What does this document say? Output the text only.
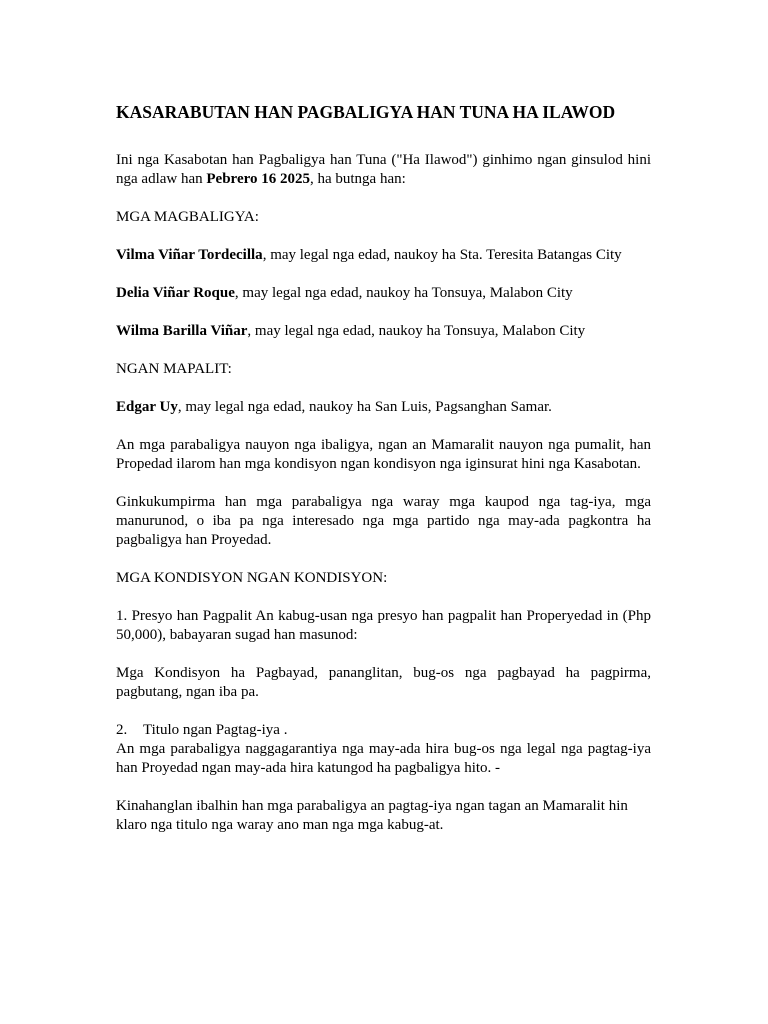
KASARABUTAN HAN PAGBALIGYA HAN TUNA HA ILAWOD

Ini nga Kasabotan han Pagbaligya han Tuna ("Ha Ilawod") ginhimo ngan ginsulod hini nga adlaw han Pebrero 16 2025, ha butnga han:

MGA MAGBALIGYA:

Vilma Viñar Tordecilla, may legal nga edad, naukoy ha Sta. Teresita Batangas City

Delia Viñar Roque, may legal nga edad, naukoy ha Tonsuya, Malabon City

Wilma Barilla Viñar, may legal nga edad, naukoy ha Tonsuya, Malabon City

NGAN MAPALIT:

Edgar Uy, may legal nga edad, naukoy ha San Luis, Pagsanghan Samar.

An mga parabaligya nauyon nga ibaligya, ngan an Mamaralit nauyon nga pumalit, han Propedad ilarom han mga kondisyon ngan kondisyon nga iginsurat hini nga Kasabotan.

Ginkukumpirma han mga parabaligya nga waray mga kaupod nga tag-iya, mga manurunod, o iba pa nga interesado nga mga partido nga may-ada pagkontra ha pagbaligya han Proyedad.

MGA KONDISYON NGAN KONDISYON:

1. Presyo han Pagpalit An kabug-usan nga presyo han pagpalit han Properyedad in (Php 50,000), babayaran sugad han masunod:

Mga Kondisyon ha Pagbayad, pananglitan, bug-os nga pagbayad ha pagpirma, pagbutang, ngan iba pa.

2. Titulo ngan Pagtag-iya .

An mga parabaligya naggagarantiya nga may-ada hira bug-os nga legal nga pagtag-iya han Proyedad ngan may-ada hira katungod ha pagbaligya hito. -

Kinahanglan ibalhin han mga parabaligya an pagtag-iya ngan tagan an Mamaralit hin klaro nga titulo nga waray ano man nga mga kabug-at.
